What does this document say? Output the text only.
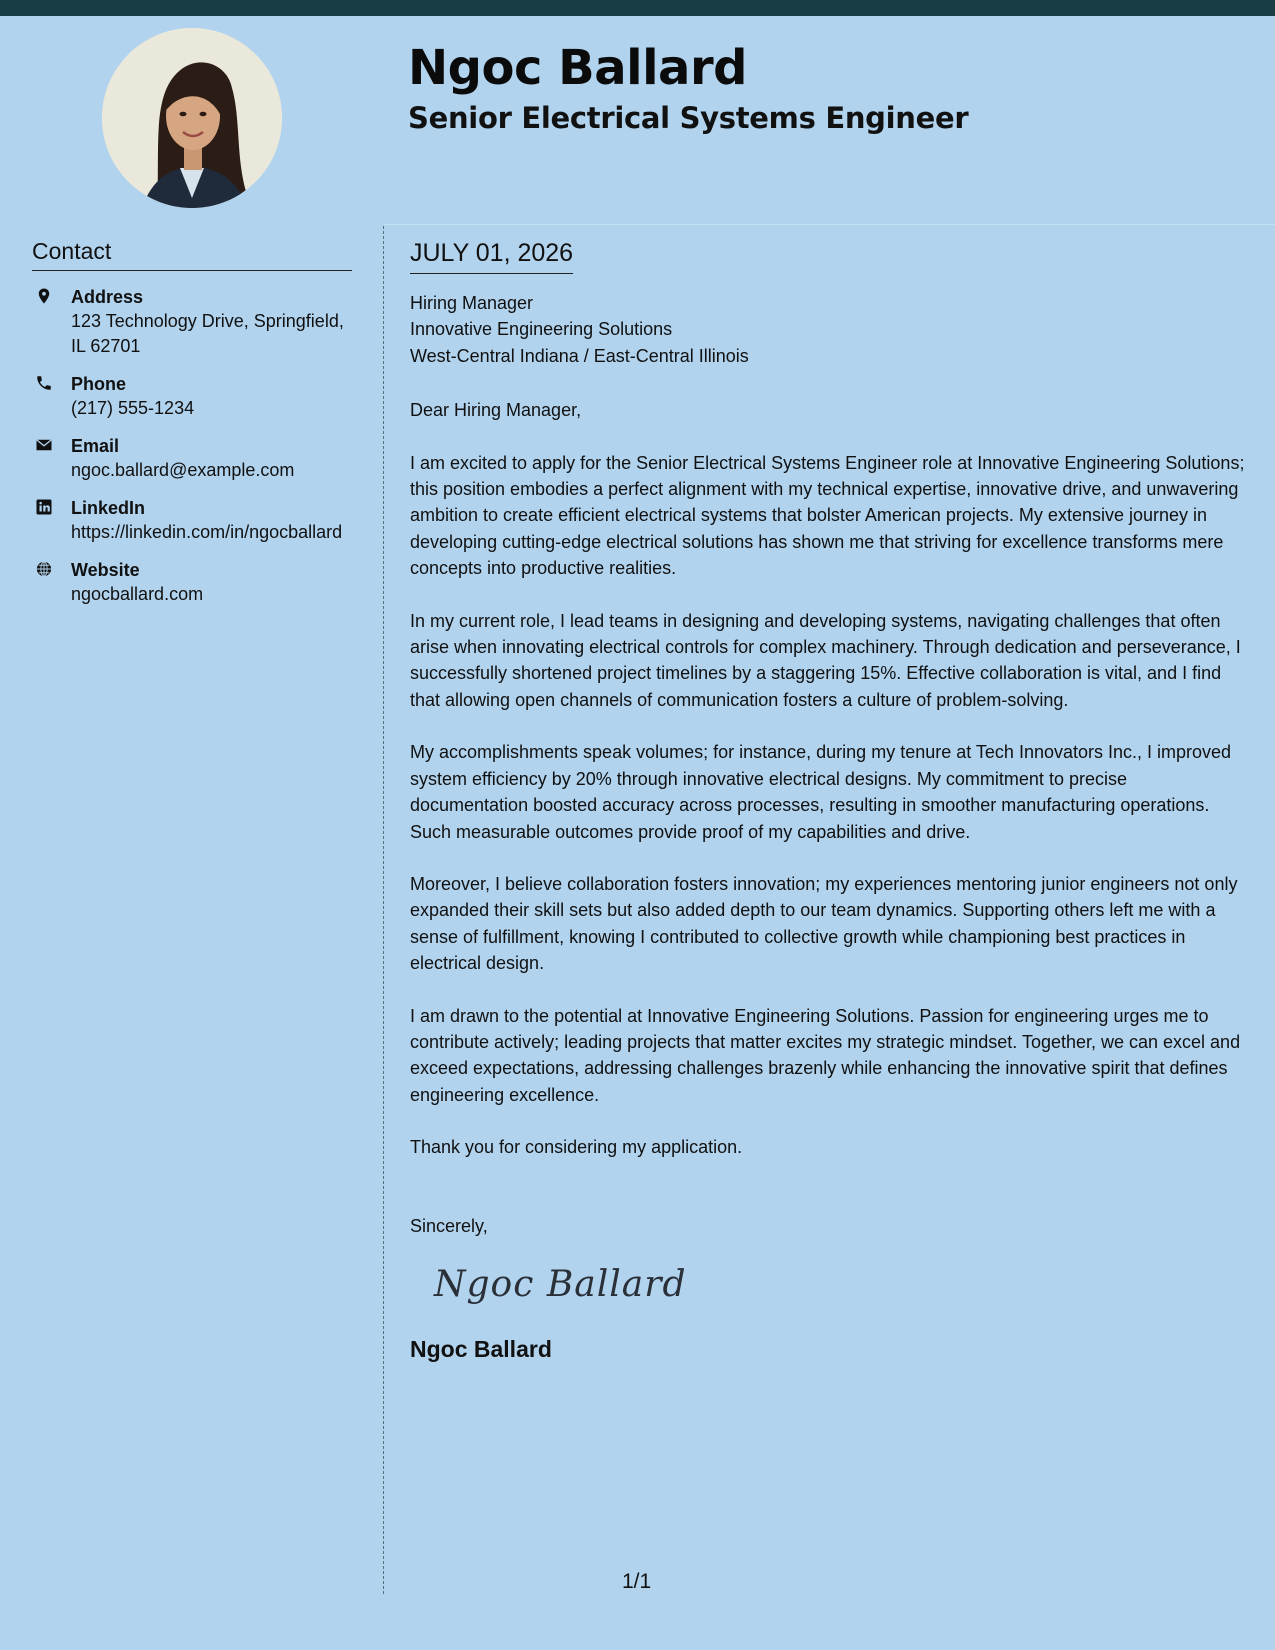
Ngoc Ballard
Senior Electrical Systems Engineer
Contact
Address
123 Technology Drive, Springfield, IL 62701
Phone
(217) 555-1234
Email
ngoc.ballard@example.com
LinkedIn
https://linkedin.com/in/ngocballard
Website
ngocballard.com
JULY 01, 2026
Hiring Manager
Innovative Engineering Solutions
West-Central Indiana / East-Central Illinois
Dear Hiring Manager,

I am excited to apply for the Senior Electrical Systems Engineer role at Innovative Engineering Solutions; this position embodies a perfect alignment with my technical expertise, innovative drive, and unwavering ambition to create efficient electrical systems that bolster American projects. My extensive journey in developing cutting-edge electrical solutions has shown me that striving for excellence transforms mere concepts into productive realities.

In my current role, I lead teams in designing and developing systems, navigating challenges that often arise when innovating electrical controls for complex machinery. Through dedication and perseverance, I successfully shortened project timelines by a staggering 15%. Effective collaboration is vital, and I find that allowing open channels of communication fosters a culture of problem-solving.

My accomplishments speak volumes; for instance, during my tenure at Tech Innovators Inc., I improved system efficiency by 20% through innovative electrical designs. My commitment to precise documentation boosted accuracy across processes, resulting in smoother manufacturing operations. Such measurable outcomes provide proof of my capabilities and drive.

Moreover, I believe collaboration fosters innovation; my experiences mentoring junior engineers not only expanded their skill sets but also added depth to our team dynamics. Supporting others left me with a sense of fulfillment, knowing I contributed to collective growth while championing best practices in electrical design.

I am drawn to the potential at Innovative Engineering Solutions. Passion for engineering urges me to contribute actively; leading projects that matter excites my strategic mindset. Together, we can excel and exceed expectations, addressing challenges brazenly while enhancing the innovative spirit that defines engineering excellence.

Thank you for considering my application.

Sincerely,
Ngoc Ballard
Ngoc Ballard
1/1
